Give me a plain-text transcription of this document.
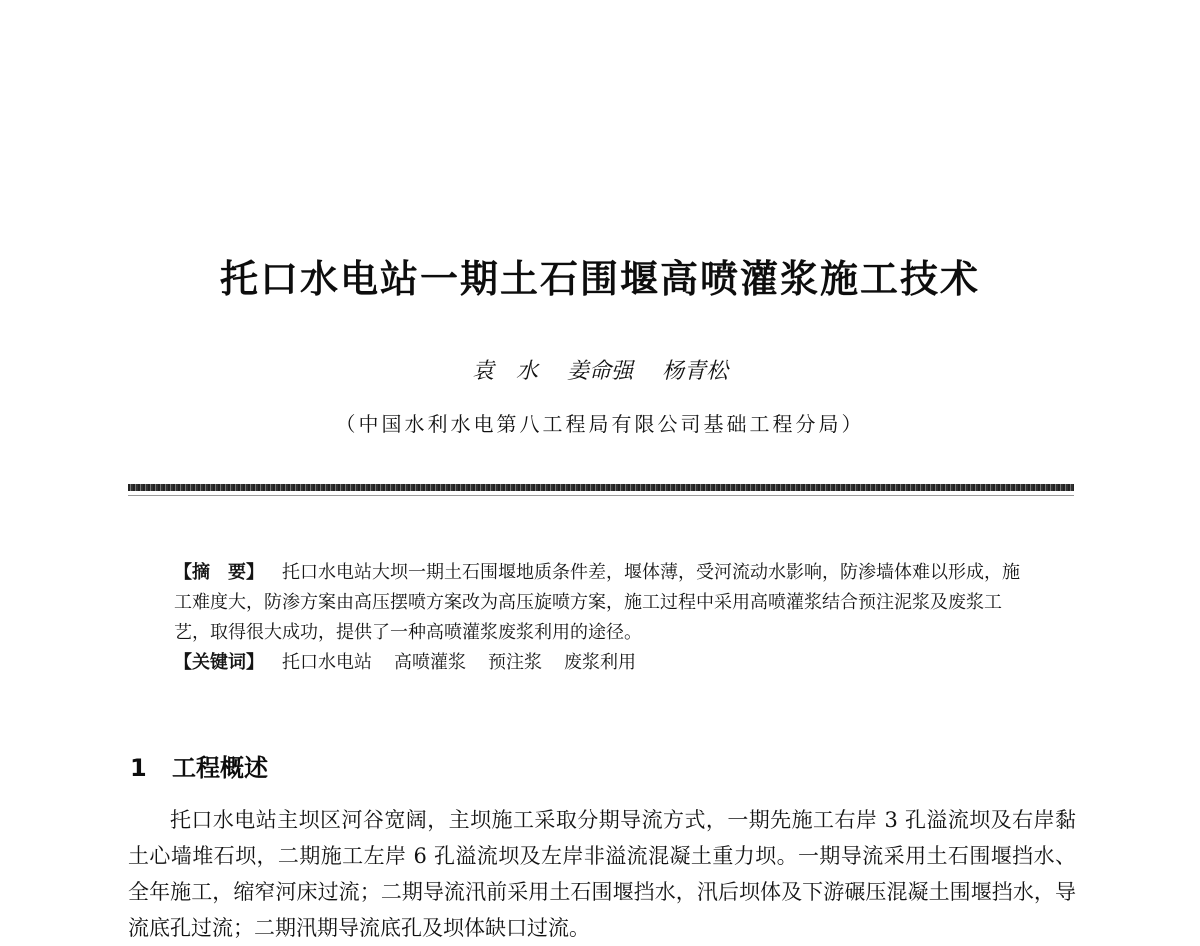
托口水电站一期土石围堰高喷灌浆施工技术
袁　水 姜命强 杨青松
（中国水利水电第八工程局有限公司基础工程分局）

【摘　要】 托口水电站大坝一期土石围堰地质条件差，堰体薄，受河流动水影响，防渗墙体难以形成，施工难度大，防渗方案由高压摆喷方案改为高压旋喷方案，施工过程中采用高喷灌浆结合预注泥浆及废浆工艺，取得很大成功，提供了一种高喷灌浆废浆利用的途径。

【关键词】 托口水电站 高喷灌浆 预注浆 废浆利用

1 工程概述

托口水电站主坝区河谷宽阔，主坝施工采取分期导流方式，一期先施工右岸 3 孔溢流坝及右岸黏土心墙堆石坝，二期施工左岸 6 孔溢流坝及左岸非溢流混凝土重力坝。一期导流采用土石围堰挡水、全年施工，缩窄河床过流；二期导流汛前采用土石围堰挡水，汛后坝体及下游碾压混凝土围堰挡水，导流底孔过流；二期汛期导流底孔及坝体缺口过流。
